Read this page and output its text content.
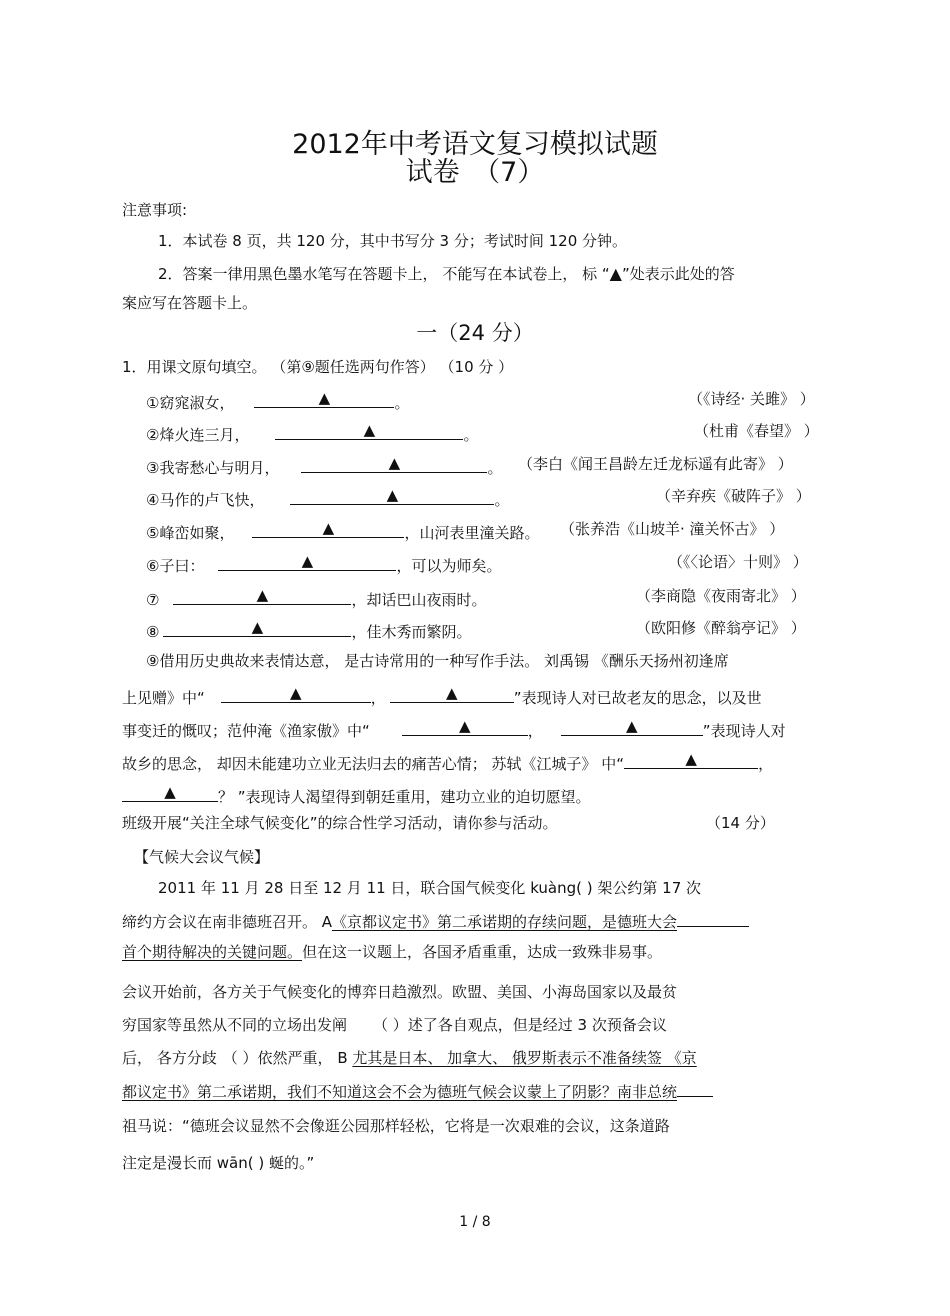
2012年中考语文复习模拟试题
试卷　（7）
注意事项:
1．本试卷 8 页，共 120 分，其中书写分 3 分；考试时间 120 分钟。
2．答案一律用黑色墨水笔写在答题卡上， 不能写在本试卷上， 标 “▲”处表示此处的答
案应写在答题卡上。
一（24 分）
1．用课文原句填空。 （第⑨题任选两句作答） （10 分 ）
①窈窕淑女，	▲	。	（《诗经· 关雎》 ）
②烽火连三月，	▲	。	（杜甫《春望》 ）
③我寄愁心与明月，	▲	。 （李白《闻王昌龄左迁龙标遥有此寄》 ）
④马作的卢飞快，	▲	。	（辛弃疾《破阵子》 ）
⑤峰峦如聚，	▲	，山河表里潼关路。 （张养浩《山坡羊· 潼关怀古》 ）
⑥子曰：	▲	，可以为师矣。	（《〈论语〉十则》 ）
⑦	▲	，却话巴山夜雨时。	（李商隐《夜雨寄北》 ）
⑧	▲	，佳木秀而繁阴。	（欧阳修《醉翁亭记》 ）
⑨借用历史典故来表情达意， 是古诗常用的一种写作手法。 刘禹锡 《酬乐天扬州初逢席
上见赠》中“	▲	，	▲	”表现诗人对已故老友的思念，以及世
事变迁的慨叹；范仲淹《渔家傲》中“	▲	，	▲	”表现诗人对
故乡的思念， 却因未能建功立业无法归去的痛苦心情； 苏轼《江城子》 中“	▲	，
▲	？ ”表现诗人渴望得到朝廷重用，建功立业的迫切愿望。
班级开展“关注全球气候变化”的综合性学习活动，请你参与活动。	（14 分）
【气候大会议气候】
2011 年 11 月 28 日至 12 月 11 日，联合国气候变化 kuàng( ) 架公约第 17 次
缔约方会议在南非德班召开。 A《京都议定书》第二承诺期的存续问题，是德班大会
首个期待解决的关键问题。但在这一议题上，各国矛盾重重，达成一致殊非易事。
会议开始前，各方关于气候变化的博弈日趋激烈。欧盟、美国、小海岛国家以及最贫
穷国家等虽然从不同的立场出发阐 （ ）述了各自观点，但是经过 3 次预备会议
后， 各方分歧 （ ）依然严重， B 尤其是日本、 加拿大、 俄罗斯表示不准备续签 《京
都议定书》第二承诺期，我们不知道这会不会为德班气候会议蒙上了阴影？南非总统
祖马说：“德班会议显然不会像逛公园那样轻松，它将是一次艰难的会议，这条道路
注定是漫长而 wān( ) 蜒的。”
1 / 8
